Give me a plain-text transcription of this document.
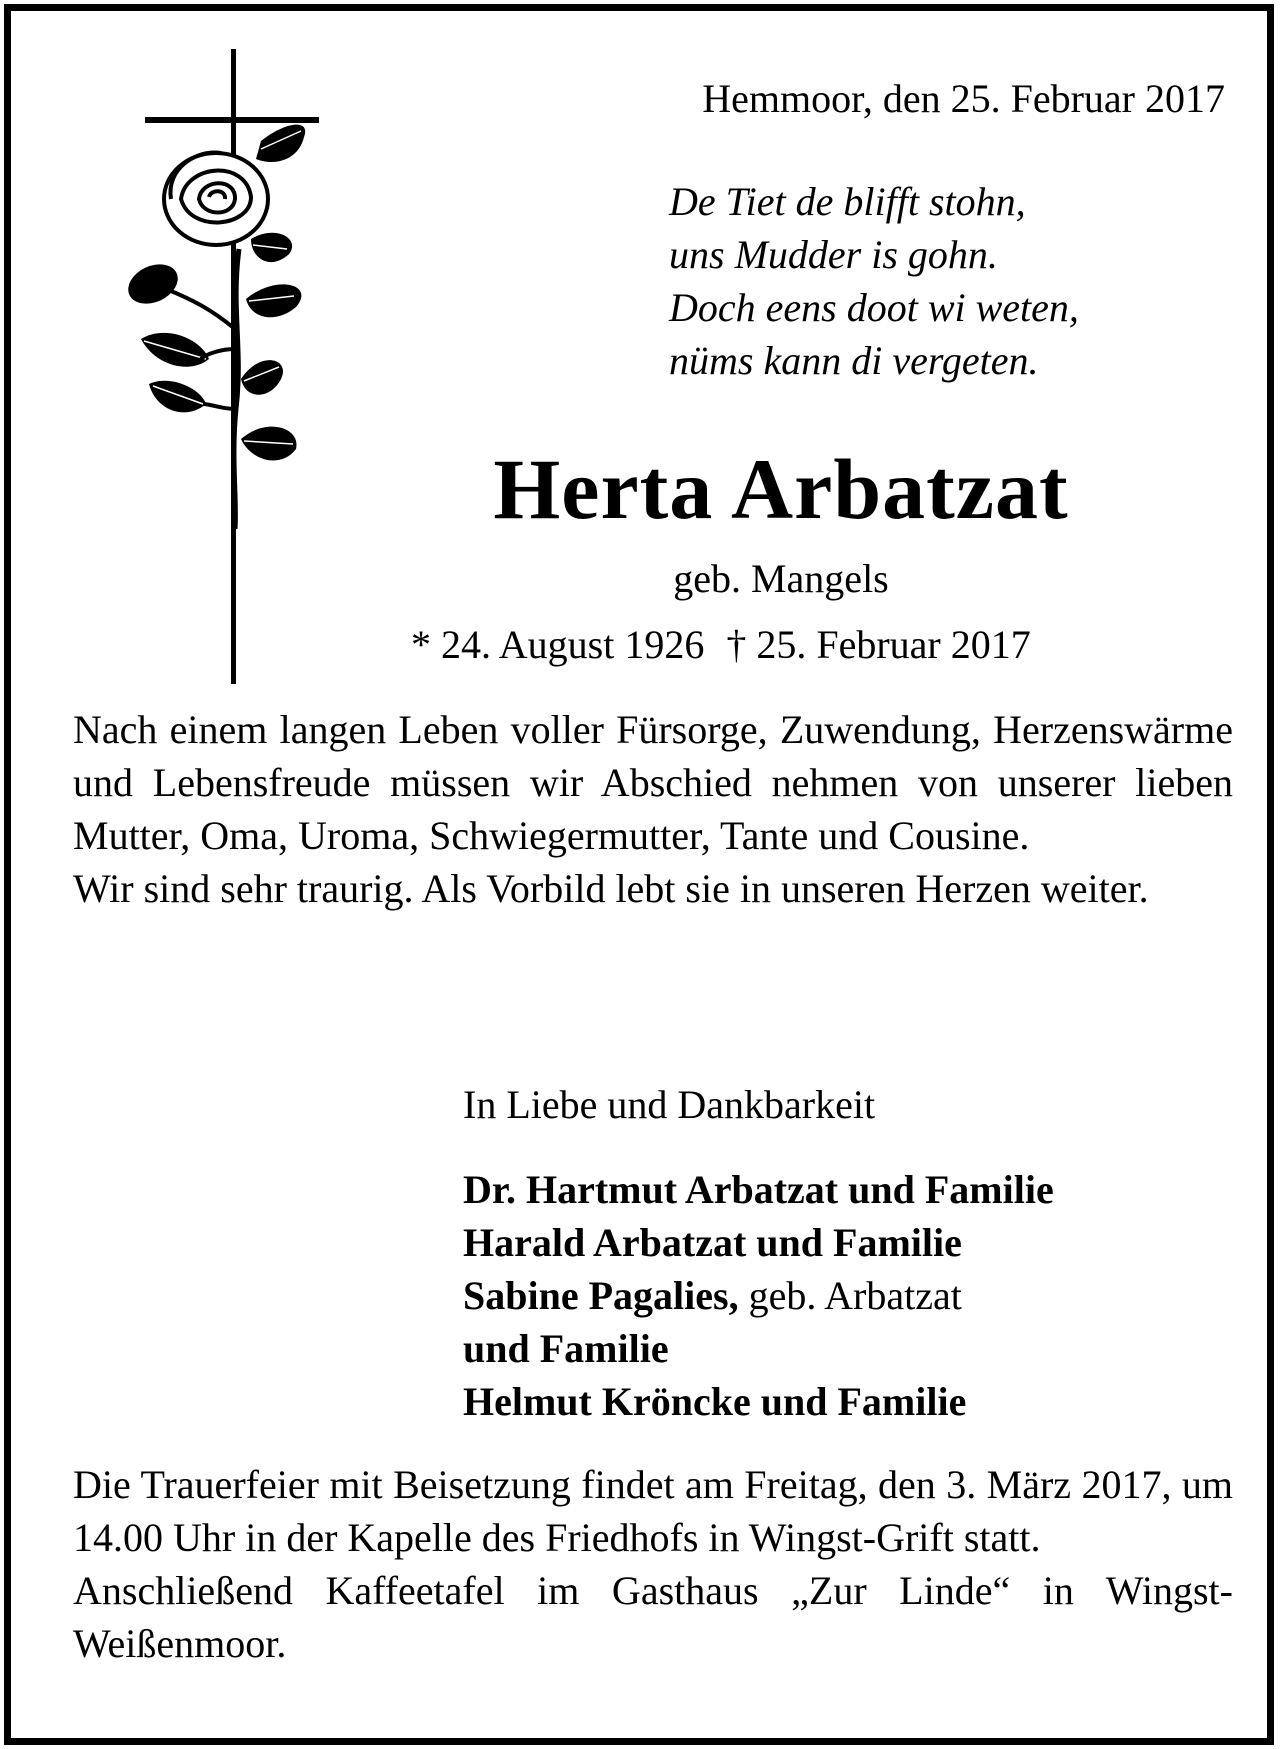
Hemmoor, den 25. Februar 2017
De Tiet de blifft stohn,
uns Mudder is gohn.
Doch eens doot wi weten,
nüms kann di vergeten.
Herta Arbatzat
geb. Mangels
* 24. August 1926 † 25. Februar 2017

Nach einem langen Leben voller Fürsorge, Zuwendung, Herzenswärme und Lebensfreude müssen wir Abschied nehmen von unserer lieben Mutter, Oma, Uroma, Schwiegermutter, Tante und Cousine.

Wir sind sehr traurig. Als Vorbild lebt sie in unseren Herzen weiter.

In Liebe und Dankbarkeit
Dr. Hartmut Arbatzat und Familie
Harald Arbatzat und Familie
Sabine Pagalies, geb. Arbatzat
und Familie
Helmut Kröncke und Familie

Die Trauerfeier mit Beisetzung findet am Freitag, den 3. März 2017, um 14.00 Uhr in der Kapelle des Friedhofs in Wingst-Grift statt.

Anschließend Kaffeetafel im Gasthaus „Zur Linde“ in Wingst-Weißenmoor.
